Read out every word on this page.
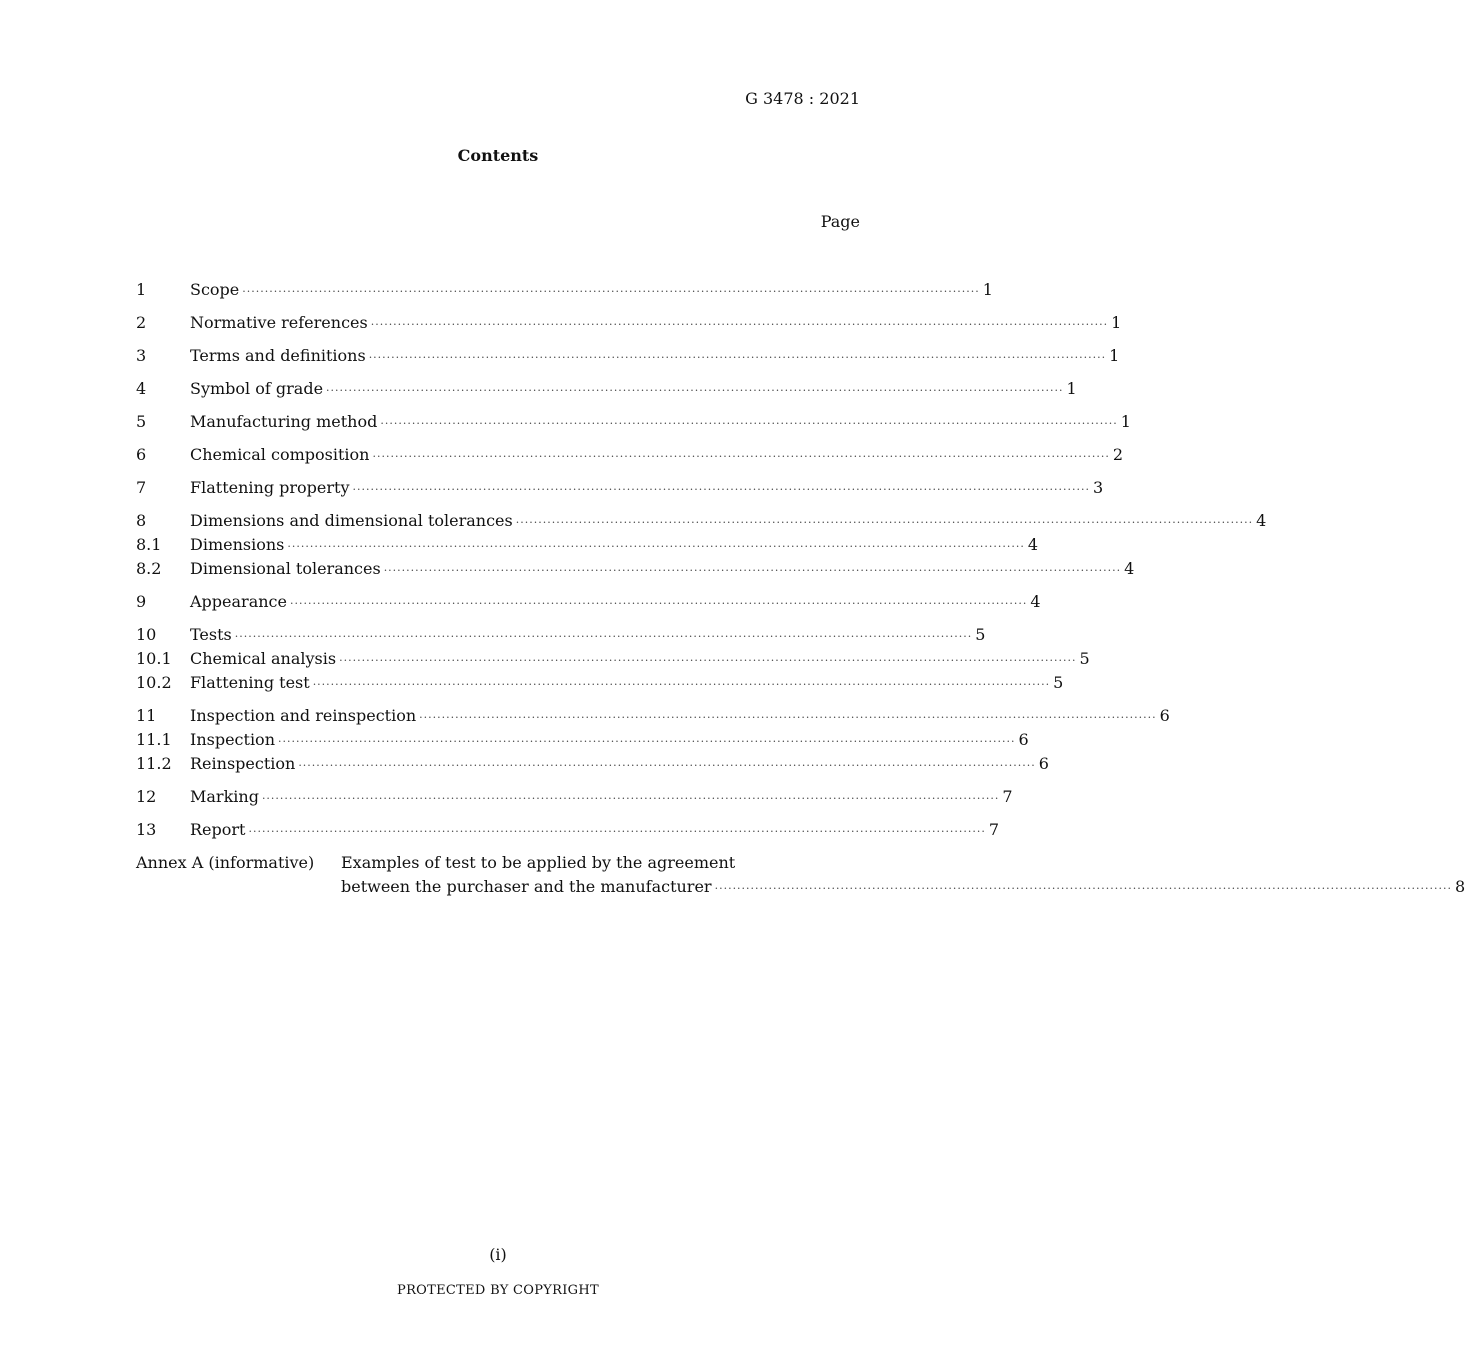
G 3478 : 2021
Contents
Page
1	Scope ·····	1
2	Normative references ·····	1
3	Terms and definitions ·····	1
4	Symbol of grade ·····	1
5	Manufacturing method ·····	1
6	Chemical composition ·····	2
7	Flattening property ·····	3
8	Dimensions and dimensional tolerances ·····	4
8.1	Dimensions ·····	4
8.2	Dimensional tolerances ·····	4
9	Appearance ·····	4
10	Tests ·····	5
10.1	Chemical analysis ·····	5
10.2	Flattening test ·····	5
11	Inspection and reinspection ·····	6
11.1	Inspection ·····	6
11.2	Reinspection ·····	6
12	Marking ·····	7
13	Report ·····	7
Annex A (informative)	Examples of test to be applied by the agreement
between the purchaser and the manufacturer ·····	8
(i)
PROTECTED BY COPYRIGHT
